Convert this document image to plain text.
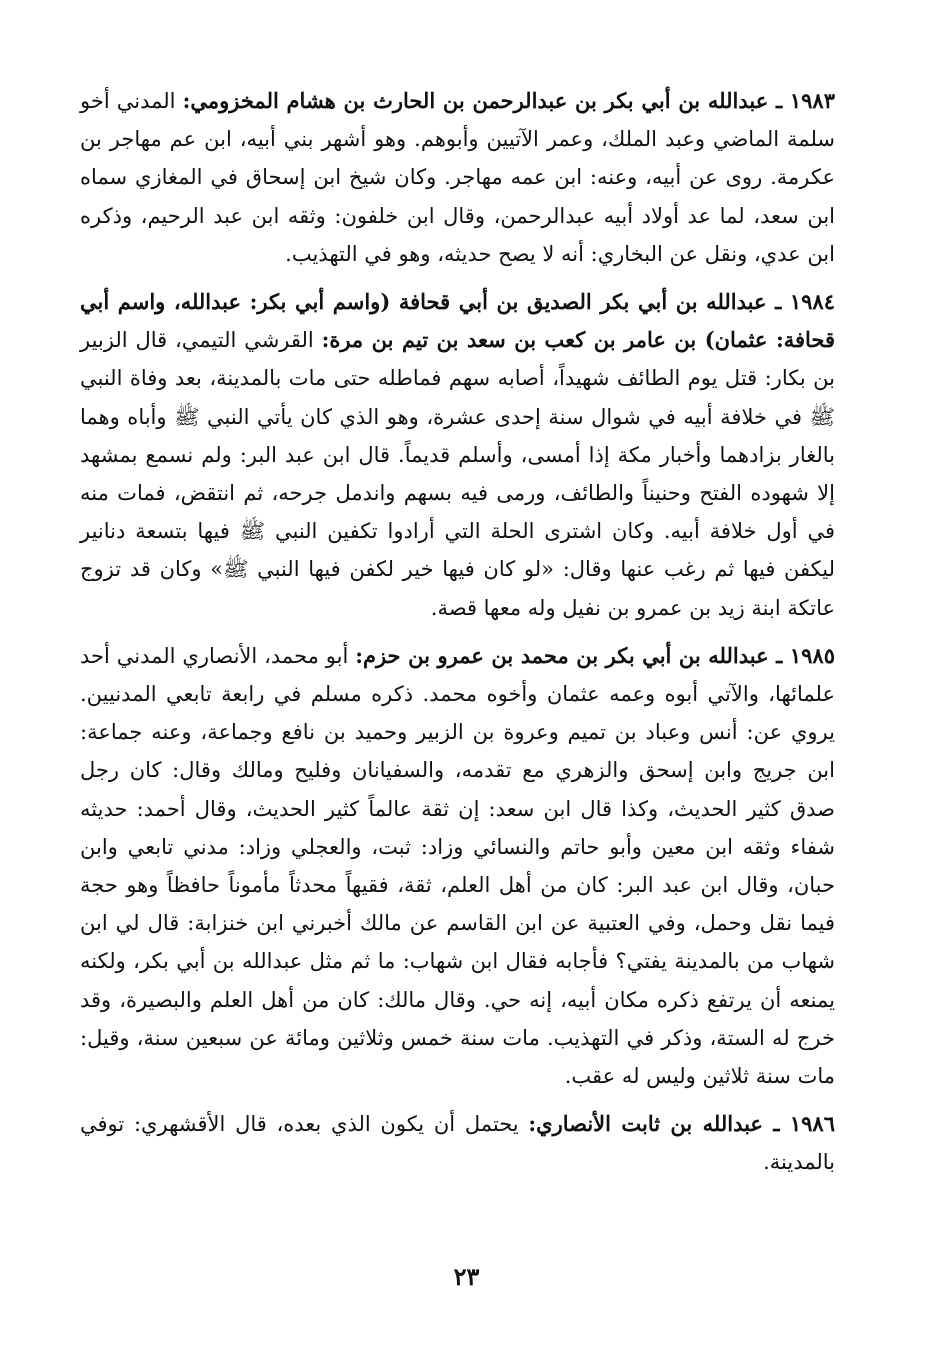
١٩٨٣ ـ عبدالله بن أبي بكر بن عبدالرحمن بن الحارث بن هشام المخزومي: المدني أخو سلمة الماضي وعبد الملك، وعمر الآتيين وأبوهم. وهو أشهر بني أبيه، ابن عم مهاجر بن عكرمة. روى عن أبيه، وعنه: ابن عمه مهاجر. وكان شيخ ابن إسحاق في المغازي سماه ابن سعد، لما عد أولاد أبيه عبدالرحمن، وقال ابن خلفون: وثقه ابن عبد الرحيم، وذكره ابن عدي، ونقل عن البخاري: أنه لا يصح حديثه، وهو في التهذيب.

١٩٨٤ ـ عبدالله بن أبي بكر الصديق بن أبي قحافة (واسم أبي بكر: عبدالله، واسم أبي قحافة: عثمان) بن عامر بن كعب بن سعد بن تيم بن مرة: القرشي التيمي، قال الزبير بن بكار: قتل يوم الطائف شهيداً، أصابه سهم فماطله حتى مات بالمدينة، بعد وفاة النبي ﷺ في خلافة أبيه في شوال سنة إحدى عشرة، وهو الذي كان يأتي النبي ﷺ وأباه وهما بالغار بزادهما وأخبار مكة إذا أمسى، وأسلم قديماً. قال ابن عبد البر: ولم نسمع بمشهد إلا شهوده الفتح وحنيناً والطائف، ورمى فيه بسهم واندمل جرحه، ثم انتقض، فمات منه في أول خلافة أبيه. وكان اشترى الحلة التي أرادوا تكفين النبي ﷺ فيها بتسعة دنانير ليكفن فيها ثم رغب عنها وقال: «لو كان فيها خير لكفن فيها النبي ﷺ» وكان قد تزوج عاتكة ابنة زيد بن عمرو بن نفيل وله معها قصة.

١٩٨٥ ـ عبدالله بن أبي بكر بن محمد بن عمرو بن حزم: أبو محمد، الأنصاري المدني أحد علمائها، والآتي أبوه وعمه عثمان وأخوه محمد. ذكره مسلم في رابعة تابعي المدنيين. يروي عن: أنس وعباد بن تميم وعروة بن الزبير وحميد بن نافع وجماعة، وعنه جماعة: ابن جريج وابن إسحق والزهري مع تقدمه، والسفيانان وفليح ومالك وقال: كان رجل صدق كثير الحديث، وكذا قال ابن سعد: إن ثقة عالماً كثير الحديث، وقال أحمد: حديثه شفاء وثقه ابن معين وأبو حاتم والنسائي وزاد: ثبت، والعجلي وزاد: مدني تابعي وابن حبان، وقال ابن عبد البر: كان من أهل العلم، ثقة، فقيهاً محدثاً مأموناً حافظاً وهو حجة فيما نقل وحمل، وفي العتبية عن ابن القاسم عن مالك أخبرني ابن خنزابة: قال لي ابن شهاب من بالمدينة يفتي؟ فأجابه فقال ابن شهاب: ما ثم مثل عبدالله بن أبي بكر، ولكنه يمنعه أن يرتفع ذكره مكان أبيه، إنه حي. وقال مالك: كان من أهل العلم والبصيرة، وقد خرج له الستة، وذكر في التهذيب. مات سنة خمس وثلاثين ومائة عن سبعين سنة، وقيل: مات سنة ثلاثين وليس له عقب.

١٩٨٦ ـ عبدالله بن ثابت الأنصاري: يحتمل أن يكون الذي بعده، قال الأقشهري: توفي بالمدينة.

٢٣
